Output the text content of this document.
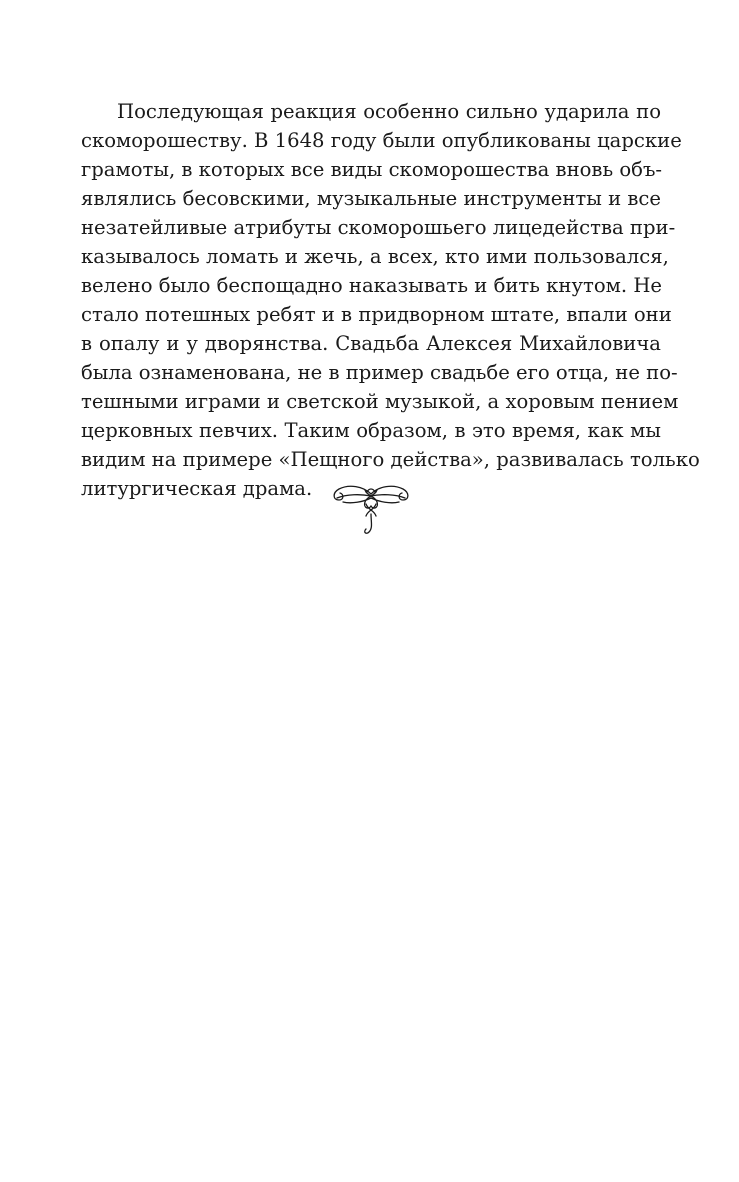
Последующая реакция особенно сильно ударила по
скоморошеству. В 1648 году были опубликованы царские
грамоты, в которых все виды скоморошества вновь объ-
являлись бесовскими, музыкальные инструменты и все
незатейливые атрибуты скоморошьего лицедейства при-
казывалось ломать и жечь, а всех, кто ими пользовался,
велено было беспощадно наказывать и бить кнутом. Не
стало потешных ребят и в придворном штате, впали они
в опалу и у дворянства. Свадьба Алексея Михайловича
была ознаменована, не в пример свадьбе его отца, не по-
тешными играми и светской музыкой, а хоровым пением
церковных певчих. Таким образом, в это время, как мы
видим на примере «Пещного действа», развивалась только
литургическая драма.
